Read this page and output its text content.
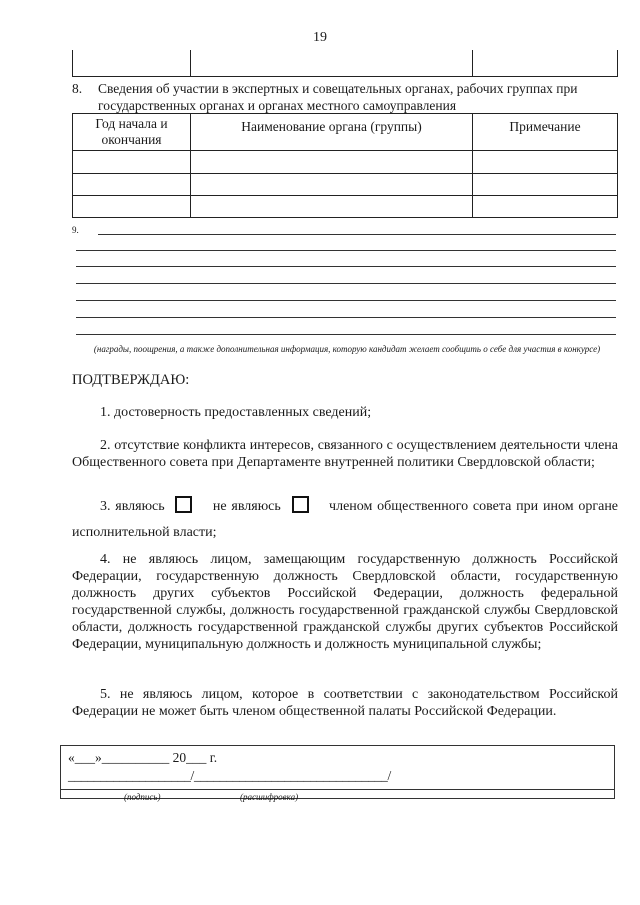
19

8. Сведения об участии в экспертных и совещательных органах, рабочих группах при государственных органах и органах местного самоуправления
Год начала и окончания	Наименование органа (группы)	Примечание

9.
(награды, поощрения, а также дополнительная информация, которую кандидат желает сообщить о себе для участия в конкурсе)
ПОДТВЕРЖДАЮ:
1. достоверность предоставленных сведений;
2. отсутствие конфликта интересов, связанного с осуществлением деятельности члена Общественного совета при Департаменте внутренней политики Свердловской области;
3. являюсь	не являюсь	членом общественного совета при ином органе исполнительной власти;
4. не являюсь лицом, замещающим государственную должность Российской Федерации, государственную должность Свердловской области, государственную должность других субъектов Российской Федерации, должность федеральной государственной службы, должность государственной гражданской службы Свердловской области, должность государственной гражданской службы других субъектов Российской Федерации, муниципальную должность и должность муниципальной службы;
5. не являюсь лицом, которое в соответствии с законодательством Российской Федерации не может быть членом общественной палаты Российской Федерации.
«___»__________ 20___ г.
___________________/______________________________/
(подпись)	(расшифровка)
